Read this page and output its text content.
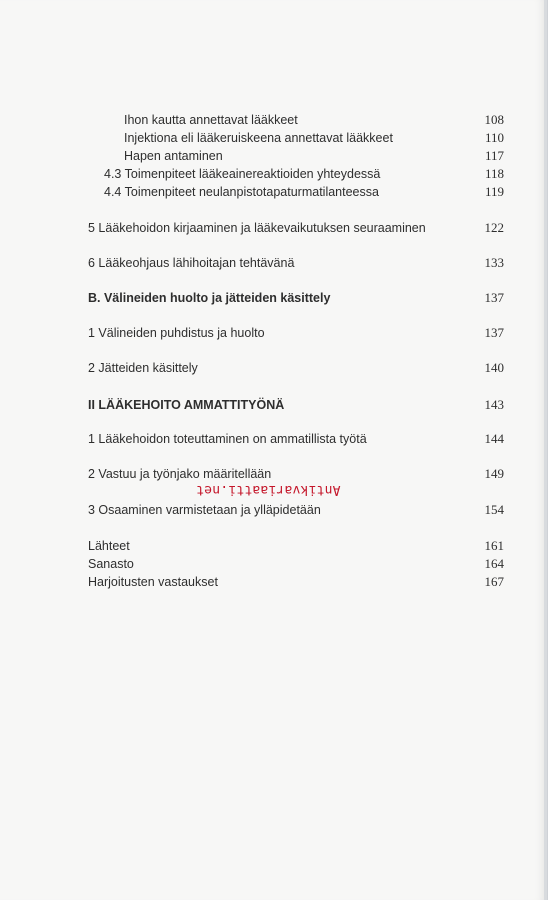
Ihon kautta annettavat lääkkeet	108
Injektiona eli lääkeruiskeena annettavat lääkkeet	110
Hapen antaminen	117
4.3 Toimenpiteet lääkeainereaktioiden yhteydessä	118
4.4 Toimenpiteet neulanpistotapaturmatilanteessa	119
5 Lääkehoidon kirjaaminen ja lääkevaikutuksen seuraaminen	122
6 Lääkeohjaus lähihoitajan tehtävänä	133
B. Välineiden huolto ja jätteiden käsittely	137
1 Välineiden puhdistus ja huolto	137
2 Jätteiden käsittely	140
II LÄÄKEHOITO AMMATTITYÖNÄ	143
1 Lääkehoidon toteuttaminen on ammatillista työtä	144
2 Vastuu ja työnjako määritellään	149
3 Osaaminen varmistetaan ja ylläpidetään	154
Lähteet	161
Sanasto	164
Harjoitusten vastaukset	167
Antikvariaatti.net
